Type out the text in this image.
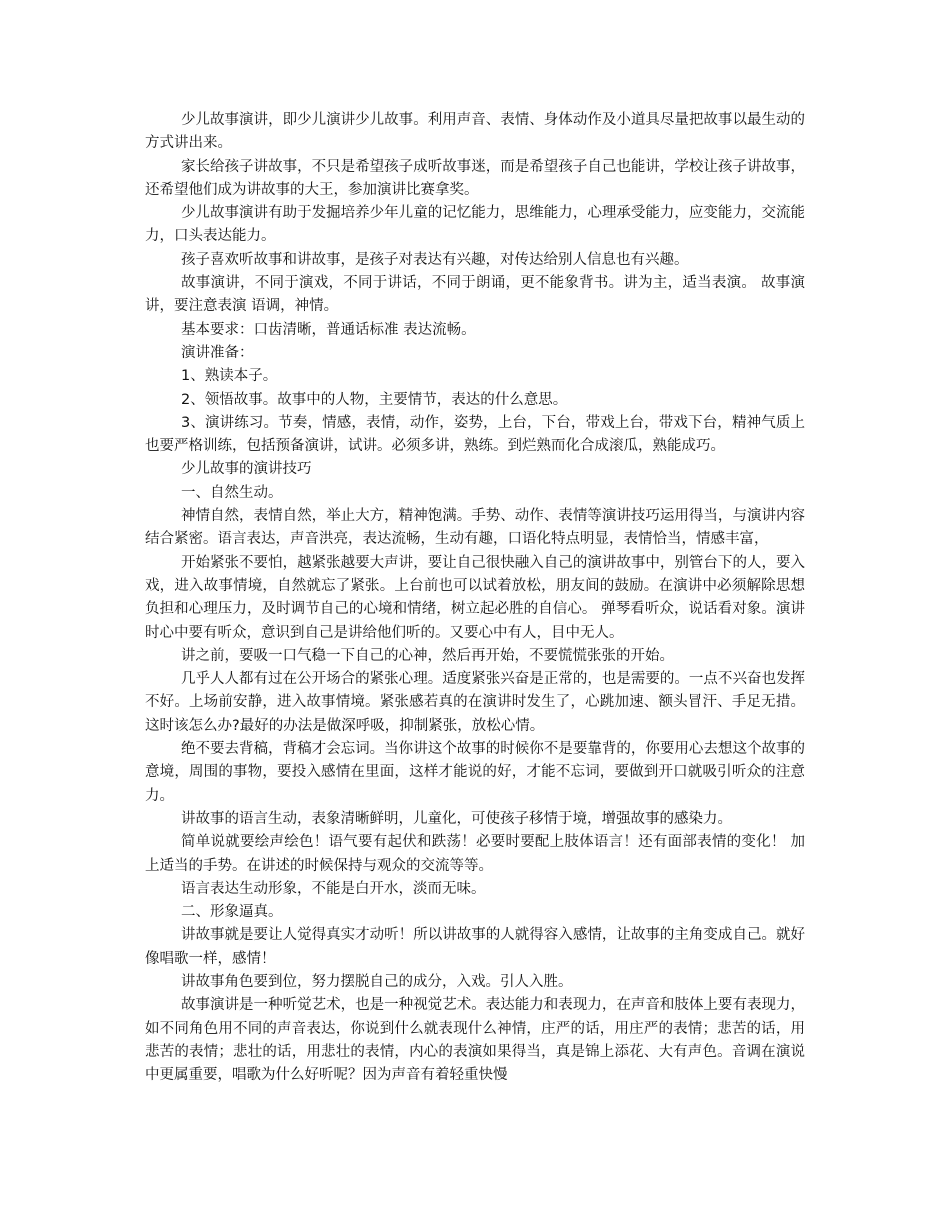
少儿故事演讲，即少儿演讲少儿故事。利用声音、表情、身体动作及小道具尽量把故事以最生动的方式讲出来。

家长给孩子讲故事，不只是希望孩子成听故事迷，而是希望孩子自己也能讲，学校让孩子讲故事，还希望他们成为讲故事的大王，参加演讲比赛拿奖。

少儿故事演讲有助于发掘培养少年儿童的记忆能力，思维能力，心理承受能力，应变能力，交流能力，口头表达能力。

孩子喜欢听故事和讲故事，是孩子对表达有兴趣，对传达给别人信息也有兴趣。

故事演讲，不同于演戏，不同于讲话，不同于朗诵，更不能象背书。讲为主，适当表演。 故事演讲，要注意表演 语调，神情。

基本要求：口齿清晰，普通话标准 表达流畅。

演讲准备：

1、熟读本子。

2、领悟故事。故事中的人物，主要情节，表达的什么意思。

3、演讲练习。节奏，情感，表情，动作，姿势，上台，下台，带戏上台，带戏下台，精神气质上也要严格训练，包括预备演讲，试讲。必须多讲，熟练。到烂熟而化合成滚瓜，熟能成巧。

少儿故事的演讲技巧

一、自然生动。

神情自然，表情自然，举止大方，精神饱满。手势、动作、表情等演讲技巧运用得当，与演讲内容结合紧密。语言表达，声音洪亮，表达流畅，生动有趣，口语化特点明显，表情恰当，情感丰富，

开始紧张不要怕，越紧张越要大声讲，要让自己很快融入自己的演讲故事中，别管台下的人，要入戏，进入故事情境，自然就忘了紧张。上台前也可以试着放松，朋友间的鼓励。在演讲中必须解除思想负担和心理压力，及时调节自己的心境和情绪，树立起必胜的自信心。 弹琴看听众，说话看对象。演讲时心中要有听众，意识到自己是讲给他们听的。又要心中有人，目中无人。

讲之前，要吸一口气稳一下自己的心神，然后再开始，不要慌慌张张的开始。

几乎人人都有过在公开场合的紧张心理。适度紧张兴奋是正常的，也是需要的。一点不兴奋也发挥不好。上场前安静，进入故事情境。紧张感若真的在演讲时发生了，心跳加速、额头冒汗、手足无措。这时该怎么办?最好的办法是做深呼吸，抑制紧张，放松心情。

绝不要去背稿，背稿才会忘词。当你讲这个故事的时候你不是要靠背的，你要用心去想这个故事的意境，周围的事物，要投入感情在里面，这样才能说的好，才能不忘词，要做到开口就吸引听众的注意力。

讲故事的语言生动，表象清晰鲜明，儿童化，可使孩子移情于境，增强故事的感染力。

简单说就要绘声绘色！语气要有起伏和跌荡！必要时要配上肢体语言！还有面部表情的变化！ 加上适当的手势。在讲述的时候保持与观众的交流等等。

语言表达生动形象，不能是白开水，淡而无味。

二、形象逼真。

讲故事就是要让人觉得真实才动听！所以讲故事的人就得容入感情，让故事的主角变成自己。就好像唱歌一样，感情！

讲故事角色要到位，努力摆脱自己的成分，入戏。引人入胜。

故事演讲是一种听觉艺术，也是一种视觉艺术。表达能力和表现力，在声音和肢体上要有表现力，如不同角色用不同的声音表达，你说到什么就表现什么神情，庄严的话，用庄严的表情；悲苦的话，用悲苦的表情；悲壮的话，用悲壮的表情，内心的表演如果得当，真是锦上添花、大有声色。音调在演说中更属重要，唱歌为什么好听呢？因为声音有着轻重快慢
